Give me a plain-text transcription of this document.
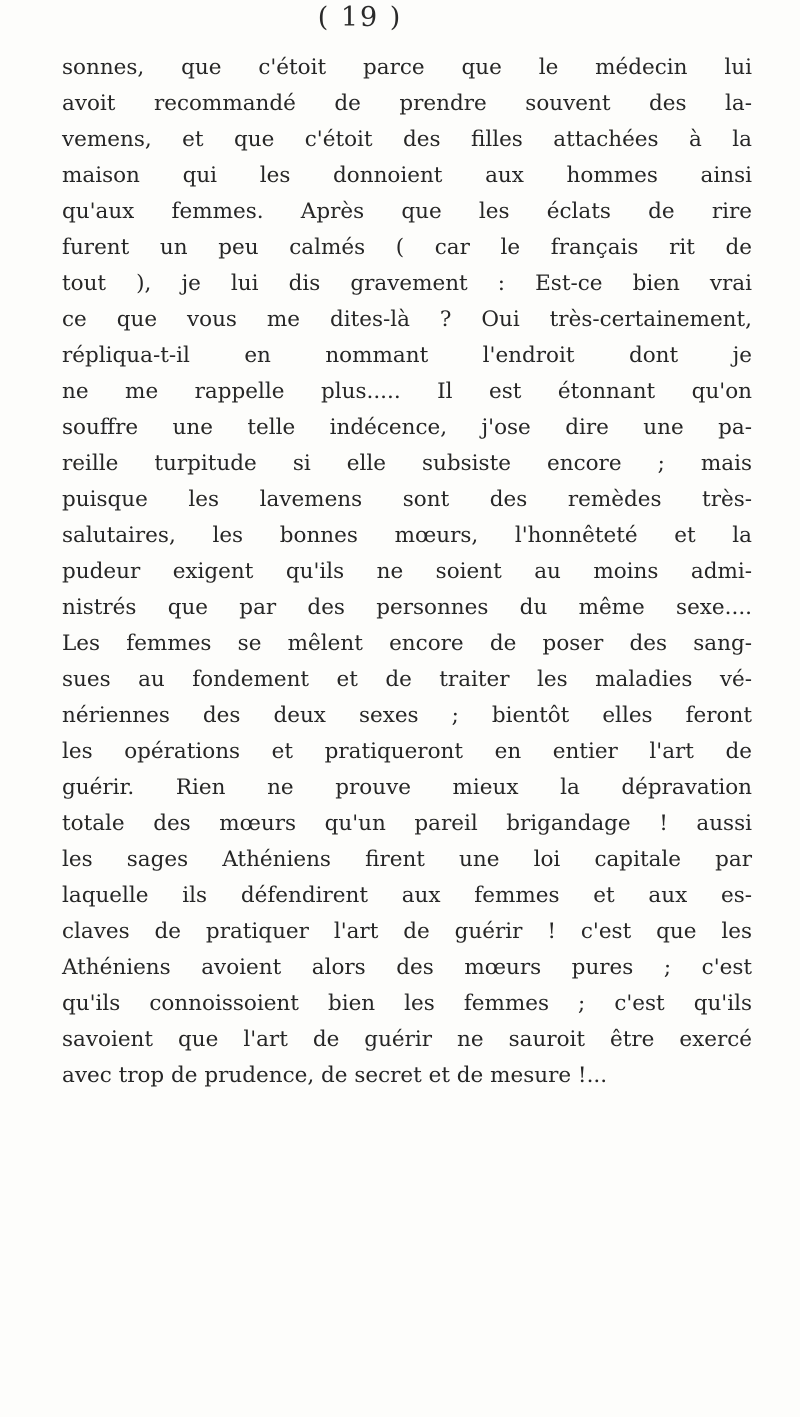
( 19 )
sonnes, que c'étoit parce que le médecin lui
avoit recommandé de prendre souvent des la-
vemens, et que c'étoit des filles attachées à la
maison qui les donnoient aux hommes ainsi
qu'aux femmes. Après que les éclats de rire
furent un peu calmés ( car le français rit de
tout ), je lui dis gravement : Est-ce bien vrai
ce que vous me dites-là ? Oui très-certainement,
répliqua-t-il en nommant l'endroit dont je
ne me rappelle plus..... Il est étonnant qu'on
souffre une telle indécence, j'ose dire une pa-
reille turpitude si elle subsiste encore ; mais
puisque les lavemens sont des remèdes très-
salutaires, les bonnes mœurs, l'honnêteté et la
pudeur exigent qu'ils ne soient au moins admi-
nistrés que par des personnes du même sexe....
Les femmes se mêlent encore de poser des sang-
sues au fondement et de traiter les maladies vé-
nériennes des deux sexes ; bientôt elles feront
les opérations et pratiqueront en entier l'art de
guérir. Rien ne prouve mieux la dépravation
totale des mœurs qu'un pareil brigandage ! aussi
les sages Athéniens firent une loi capitale par
laquelle ils défendirent aux femmes et aux es-
claves de pratiquer l'art de guérir ! c'est que les
Athéniens avoient alors des mœurs pures ; c'est
qu'ils connoissoient bien les femmes ; c'est qu'ils
savoient que l'art de guérir ne sauroit être exercé
avec trop de prudence, de secret et de mesure !...
